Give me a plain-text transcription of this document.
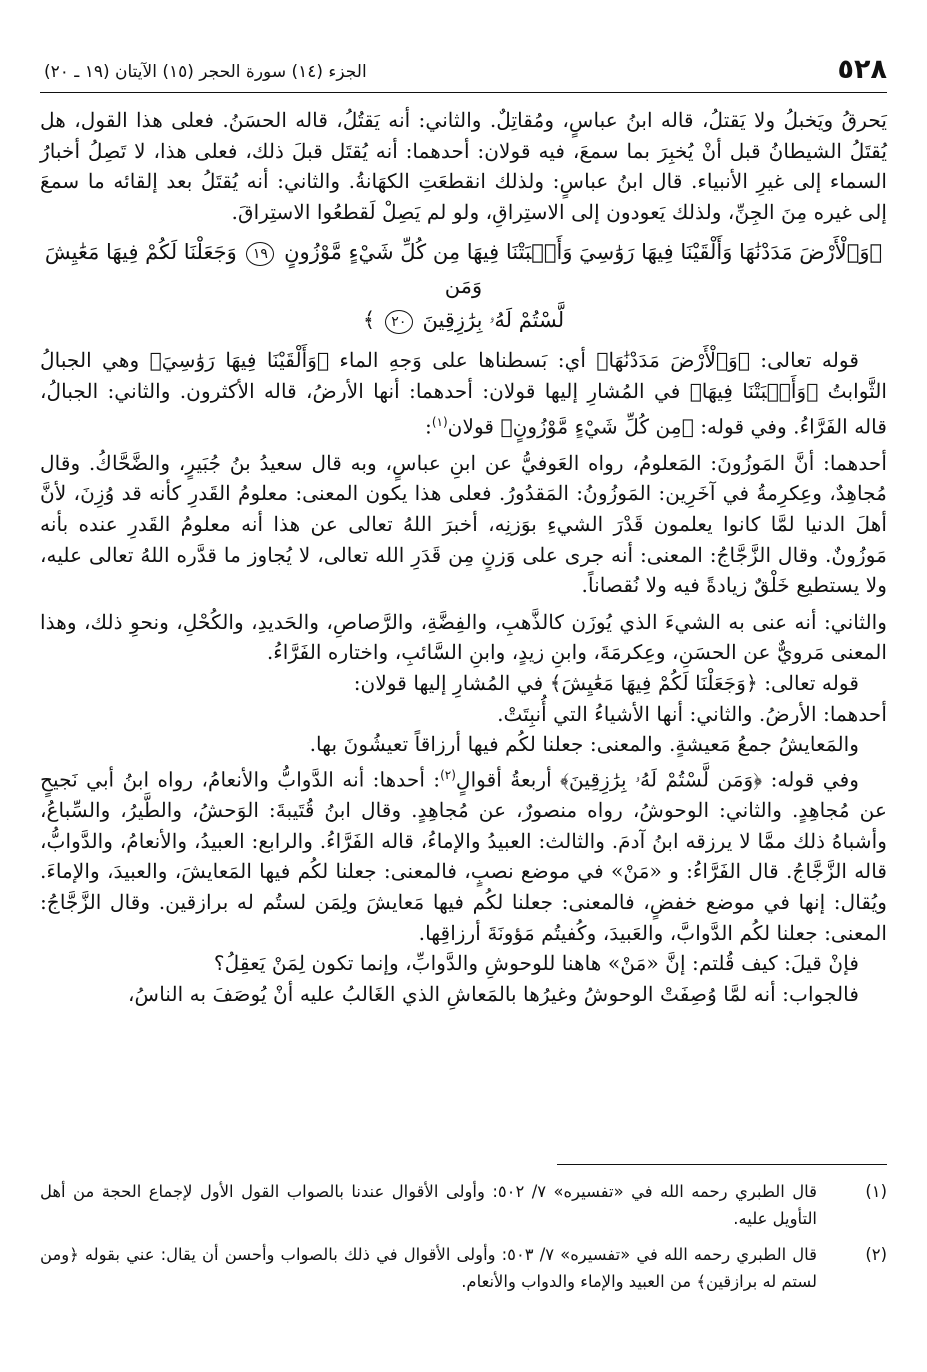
٥٢٨
الجزء (١٤) سورة الحجر (١٥) الآيتان (١٩ ـ ٢٠)

يَحرقُ ويَخبلُ ولا يَقتلُ، قاله ابنُ عباسٍ، ومُقاتِلٌ. والثاني: أنه يَقتُلُ، قاله الحسَنُ. فعلى هذا القول، هل يُقتَلُ الشيطانُ قبل أنْ يُخبِرَ بما سمعَ، فيه قولان: أحدهما: أنه يُقتَل قبلَ ذلك، فعلى هذا، لا تَصِلُ أخبارُ السماء إلى غيرِ الأنبياء. قال ابنُ عباسٍ: ولذلك انقطعَتِ الكهَانةُ. والثاني: أنه يُقتَلُ بعد إلقائه ما سمعَ إلى غيره مِنَ الجِنِّ، ولذلك يَعودون إلى الاستِراقِ، ولو لم يَصِلْ لَقطعُوا الاستِراقَ.

﴿وَٱلْأَرْضَ مَدَدْنَٰهَا وَأَلْقَيْنَا فِيهَا رَوَٰسِيَ وَأَنۢبَتْنَا فِيهَا مِن كُلِّ شَيْءٍ مَّوْزُونٍ ١٩ وَجَعَلْنَا لَكُمْ فِيهَا مَعَٰيِشَ وَمَن
لَّسْتُمْ لَهُۥ بِرَٰزِقِينَ ٢٠ ﴾

قوله تعالى: ﴿وَٱلْأَرْضَ مَدَدْنَٰهَا﴾ أي: بَسطناها على وَجهِ الماء ﴿وَأَلْقَيْنَا فِيهَا رَوَٰسِيَ﴾ وهي الجبالُ الثَّوابتُ ﴿وَأَنۢبَتْنَا فِيهَا﴾ في المُشارِ إليها قولان: أحدهما: أنها الأرضُ، قاله الأكثرون. والثاني: الجبالُ، قاله الفَرَّاءُ. وفي قوله: ﴿مِن كُلِّ شَيْءٍ مَّوْزُونٍ﴾ قولان$^{(١)}$:

أحدهما: أنَّ المَوزُونَ: المَعلومُ، رواه العَوفيُّ عن ابنِ عباسٍ، وبه قال سعيدُ بنُ جُبَيرٍ، والضَّحَّاكُ. وقال مُجاهِدٌ، وعِكرِمةُ في آخَرِين: المَوزُونُ: المَقدُورُ. فعلى هذا يكون المعنى: معلومُ القَدرِ كأنه قد وُزِنَ، لأنَّ أهلَ الدنيا لمَّا كانوا يعلمون قَدْرَ الشيءِ بوَزنِه، أخبرَ اللهُ تعالى عن هذا أنه معلومُ القَدرِ عنده بأنه مَوزُونٌ. وقال الزَّجَّاجُ: المعنى: أنه جرى على وَزنٍ مِن قَدَرِ الله تعالى، لا يُجاوز ما قدَّره اللهُ تعالى عليه، ولا يستطيع خَلْقٌ زيادةً فيه ولا نُقصاناً.

والثاني: أنه عنى به الشيءَ الذي يُوزَن كالذَّهبِ، والفِضَّةِ، والرَّصاصِ، والحَديدِ، والكُحْلِ، ونحوِ ذلك، وهذا المعنى مَرويٌّ عن الحسَنِ، وعِكرمَةَ، وابنِ زيدٍ، وابنِ السَّائبِ، واختاره الفَرَّاءُ.

قوله تعالى: ﴿وَجَعَلْنَا لَكُمْ فِيهَا مَعَٰيِشَ﴾ في المُشارِ إليها قولان:

أحدهما: الأرضُ. والثاني: أنها الأشياءُ التي أُنبِتَتْ.

والمَعايشُ جمعُ مَعيشةٍ. والمعنى: جعلنا لكُم فيها أرزاقاً تعيشُونَ بها.

وفي قوله: ﴿وَمَن لَّسْتُمْ لَهُۥ بِرَٰزِقِينَ﴾ أربعةُ أقوالٍ$^{(٢)}$: أحدها: أنه الدَّوابُّ والأنعامُ، رواه ابنُ أبي نَجيحٍ عن مُجاهِدٍ. والثاني: الوحوشُ، رواه منصورٌ، عن مُجاهِدٍ. وقال ابنُ قُتَيبةَ: الوَحشُ، والطَّيرُ، والسِّباعُ، وأشباهُ ذلك ممَّا لا يرزقه ابنُ آدمَ. والثالث: العبيدُ والإماءُ، قاله الفَرَّاءُ. والرابع: العبيدُ، والأنعامُ، والدَّوابُّ، قاله الزَّجَّاجُ. قال الفَرَّاءُ: و «مَنْ» في موضع نصبٍ، فالمعنى: جعلنا لكُم فيها المَعايشَ، والعبيدَ، والإماءَ. ويُقال: إنها في موضع خفضٍ، فالمعنى: جعلنا لكُم فيها مَعايشَ ولِمَن لستُم له برازقين. وقال الزَّجَّاجُ: المعنى: جعلنا لكُم الدَّوابَّ، والعَبيدَ، وكُفيتُم مَؤونَةَ أرزاقِها.

فإنْ قيلَ: كيف قُلتم: إنَّ «مَنْ» هاهنا للوحوشِ والدَّوابِّ، وإنما تكون لِمَنْ يَعقِلُ؟

فالجواب: أنه لمَّا وُصِفَتْ الوحوشُ وغيرُها بالمَعاشِ الذي الغَالبُ عليه أنْ يُوصَفَ به الناسُ،

(١)
قال الطبري رحمه الله في «تفسيره» ٧/ ٥٠٢: وأولى الأقوال عندنا بالصواب القول الأول لإجماع الحجة من أهل التأويل عليه.
(٢)
قال الطبري رحمه الله في «تفسيره» ٧/ ٥٠٣: وأولى الأقوال في ذلك بالصواب وأحسن أن يقال: عني بقوله ﴿ومن لستم له برازقين﴾ من العبيد والإماء والدواب والأنعام.
